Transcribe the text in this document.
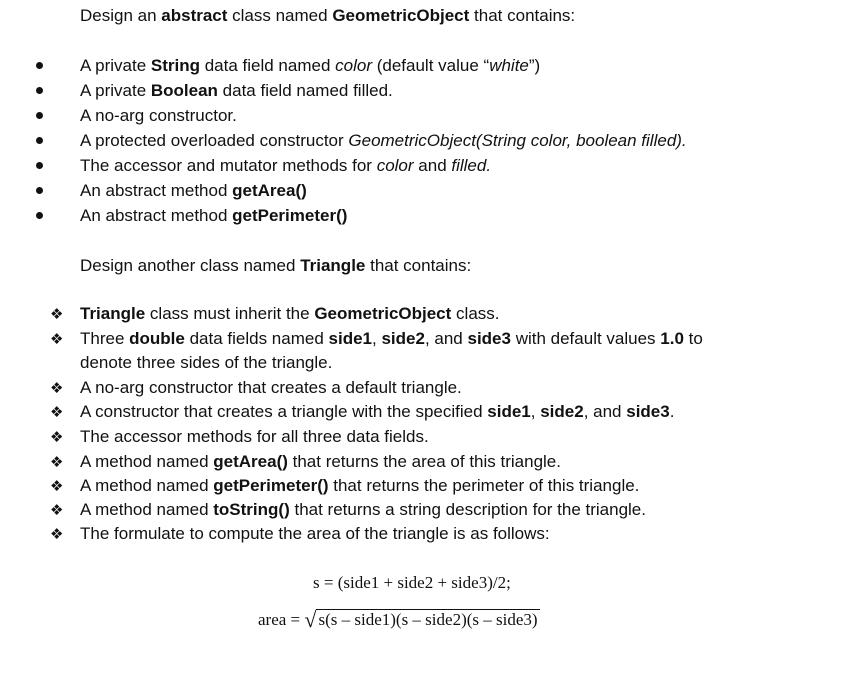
Design an abstract class named GeometricObject that contains:
A private String data field named color (default value “white”)
A private Boolean data field named filled.
A no-arg constructor.
A protected overloaded constructor GeometricObject(String color, boolean filled).
The accessor and mutator methods for color and filled.
An abstract method getArea()
An abstract method getPerimeter()
Design another class named Triangle that contains:
❖ Triangle class must inherit the GeometricObject class.
❖ Three double data fields named side1, side2, and side3 with default values 1.0 to
denote three sides of the triangle.
❖ A no-arg constructor that creates a default triangle.
❖ A constructor that creates a triangle with the specified side1, side2, and side3.
❖ The accessor methods for all three data fields.
❖ A method named getArea() that returns the area of this triangle.
❖ A method named getPerimeter() that returns the perimeter of this triangle.
❖ A method named toString() that returns a string description for the triangle.
❖ The formulate to compute the area of the triangle is as follows:
s = (side1 + side2 + side3)/2;
area = √ s(s – side1)(s – side2)(s – side3)
